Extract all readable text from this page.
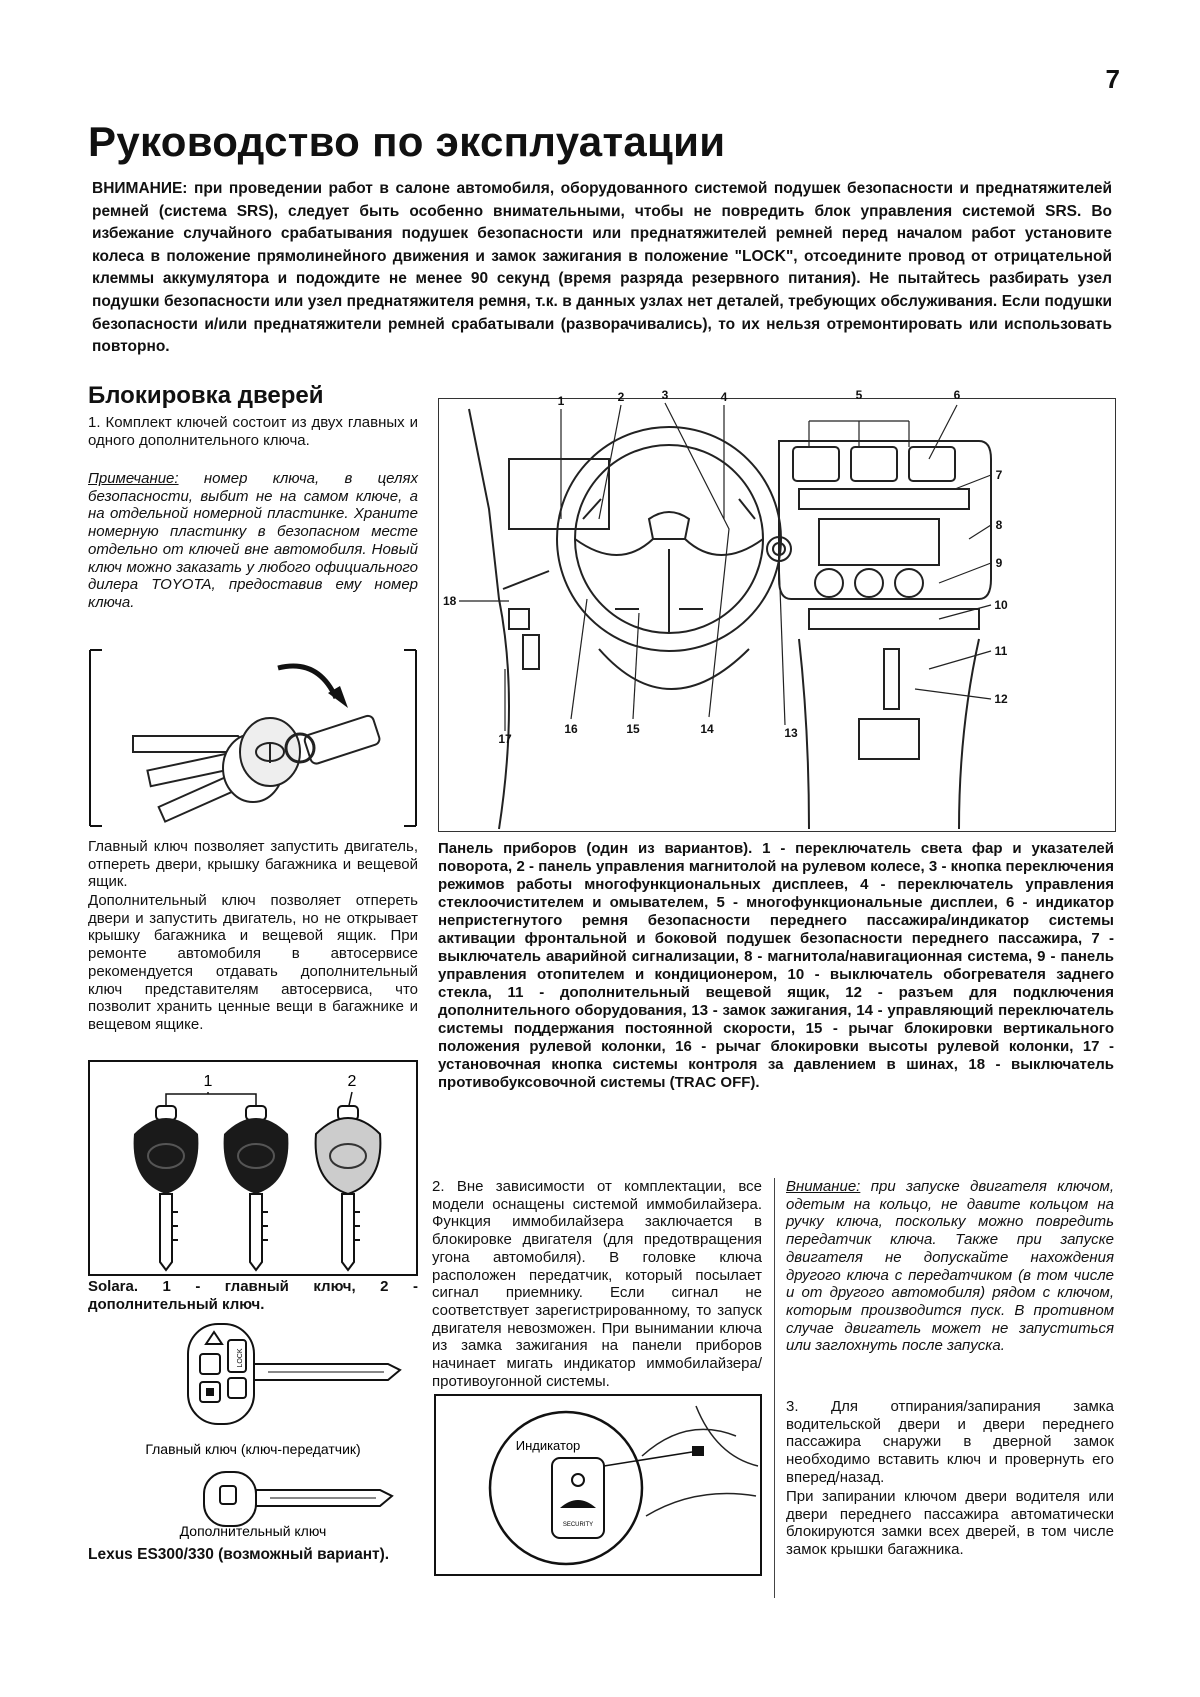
7
Руководство по эксплуатации

ВНИМАНИЕ: при проведении работ в салоне автомобиля, оборудованного системой подушек безопасности и преднатяжителей ремней (система SRS), следует быть особенно внимательными, чтобы не повредить блок управления системой SRS. Во избежание случайного срабатывания подушек безопасности или преднатяжителей ремней перед началом работ установите колеса в положение прямолинейного движения и замок зажигания в положение "LOCK", отсоедините провод от отрицательной клеммы аккумулятора и подождите не менее 90 секунд (время разряда резервного питания). Не пытайтесь разбирать узел подушки безопасности или узел преднатяжителя ремня, т.к. в данных узлах нет деталей, требующих обслуживания. Если подушки безопасности и/или преднатяжители ремней срабатывали (разворачивались), то их нельзя отремонтировать или использовать повторно.

Блокировка дверей

1. Комплект ключей состоит из двух главных и одного дополнительного ключа.

Примечание: номер ключа, в целях безопасности, выбит не на самом ключе, а на отдельной номерной пластинке. Храните номерную пластинку в безопасном месте отдельно от ключей вне автомобиля. Новый ключ можно заказать у любого официального дилера TOYOTA, предоставив ему номер ключа.

Главный ключ позволяет запустить двигатель, отпереть двери, крышку багажника и вещевой ящик.

Дополнительный ключ позволяет отпереть двери и запустить двигатель, но не открывает крышку багажника и вещевой ящик. При ремонте автомобиля в автосервисе рекомендуется отдавать дополнительный ключ представителям автосервиса, что позволит хранить ценные вещи в багажнике и вещевом ящике.

1	2

Solara. 1 - главный ключ, 2 - дополнительный ключ.

LOCK
Главный ключ (ключ-передатчик)
Дополнительный ключ

Lexus ES300/330 (возможный вариант).

1	2	3	4	5	6
7
8
9
10
11
12
13
14
15
16
17
18

Панель приборов (один из вариантов). 1 - переключатель света фар и указателей поворота, 2 - панель управления магнитолой на рулевом колесе, 3 - кнопка переключения режимов работы многофункциональных дисплеев, 4 - переключатель управления стеклоочистителем и омывателем, 5 - многофункциональные дисплеи, 6 - индикатор непристегнутого ремня безопасности переднего пассажира/индикатор системы активации фронтальной и боковой подушек безопасности переднего пассажира, 7 - выключатель аварийной сигнализации, 8 - магнитола/навигационная система, 9 - панель управления отопителем и кондиционером, 10 - выключатель обогревателя заднего стекла, 11 - дополнительный вещевой ящик, 12 - разъем для подключения дополнительного оборудования, 13 - замок зажигания, 14 - управляющий переключатель системы поддержания постоянной скорости, 15 - рычаг блокировки вертикального положения рулевой колонки, 16 - рычаг блокировки высоты рулевой колонки, 17 - установочная кнопка системы контроля за давлением в шинах, 18 - выключатель противобуксовочной системы (TRAC OFF).

2. Вне зависимости от комплектации, все модели оснащены системой иммобилайзера. Функция иммобилайзера заключается в блокировке двигателя (для предотвращения угона автомобиля). В головке ключа расположен передатчик, который посылает сигнал приемнику. Если сигнал не соответствует зарегистрированному, то запуск двигателя невозможен. При вынимании ключа из замка зажигания на панели приборов начинает мигать индикатор иммобилайзера/противоугонной системы.

Индикатор
SECURITY

Внимание: при запуске двигателя ключом, одетым на кольцо, не давите кольцом на ручку ключа, поскольку можно повредить передатчик ключа. Также при запуске двигателя не допускайте нахождения другого ключа с передатчиком (в том числе и от другого автомобиля) рядом с ключом, которым производится пуск. В противном случае двигатель может не запуститься или заглохнуть после запуска.

3. Для отпирания/запирания замка водительской двери и двери переднего пассажира снаружи в дверной замок необходимо вставить ключ и провернуть его вперед/назад.

При запирании ключом двери водителя или двери переднего пассажира автоматически блокируются замки всех дверей, в том числе замок крышки багажника.
